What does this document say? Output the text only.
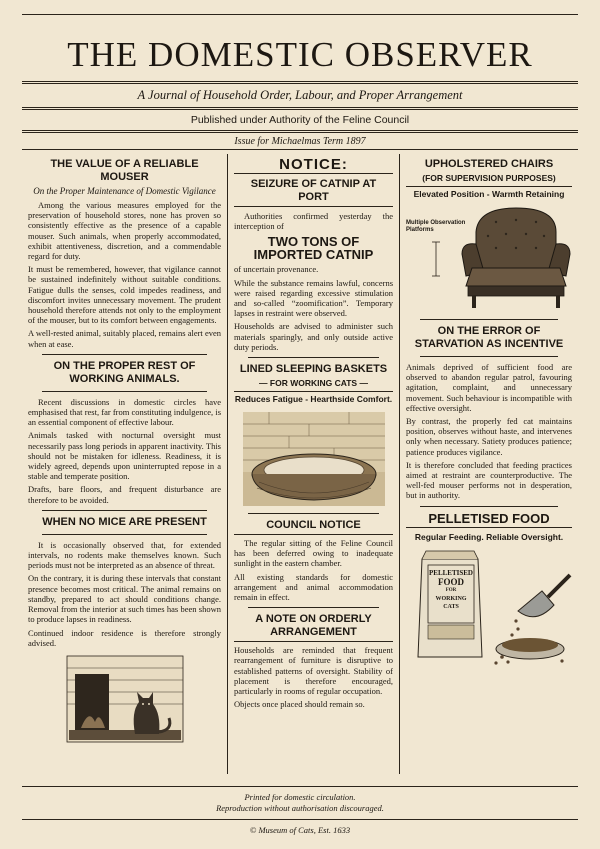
THE DOMESTIC OBSERVER
A Journal of Household Order, Labour, and Proper Arrangement
Published under Authority of the Feline Council
Issue for Michaelmas Term 1897
THE VALUE OF A RELIABLE MOUSER
On the Proper Maintenance of Domestic Vigilance

Among the various measures employed for the preservation of household stores, none has proven so consistently effective as the presence of a capable mouser. Such animals, when properly accommodated, exhibit attentiveness, discretion, and a commendable regard for duty.

It must be remembered, however, that vigilance cannot be sustained indefinitely without suitable conditions. Fatigue dulls the senses, cold impedes readiness, and discomfort invites unnecessary movement. The prudent household therefore attends not only to the employment of the mouser, but to its comfort between engagements.

A well-rested animal, suitably placed, remains alert even when at ease.

ON THE PROPER REST OF WORKING ANIMALS.

Recent discussions in domestic circles have emphasised that rest, far from constituting indulgence, is an essential component of effective labour.

Animals tasked with nocturnal oversight must necessarily pass long periods in apparent inactivity. This should not be mistaken for idleness. Readiness, it is widely agreed, depends upon uninterrupted repose in a stable and temperate position.

Drafts, bare floors, and frequent disturbance are therefore to be avoided.

WHEN NO MICE ARE PRESENT

It is occasionally observed that, for extended intervals, no rodents make themselves known. Such periods must not be interpreted as an absence of threat.

On the contrary, it is during these intervals that constant presence becomes most critical. The animal remains on standby, prepared to act should conditions change. Removal from the interior at such times has been shown to produce lapses in readiness.

Continued indoor residence is therefore strongly advised.

NOTICE:
SEIZURE OF CATNIP AT PORT

Authorities confirmed yesterday the interception of

TWO TONS OF
IMPORTED CATNIP

of uncertain provenance.

While the substance remains lawful, concerns were raised regarding excessive stimulation and so-called “zoomification”. Temporary lapses in restraint were observed.

Households are advised to administer such materials sparingly, and only outside active duty periods.

LINED SLEEPING BASKETS
— FOR WORKING CATS —
Reduces Fatigue - Hearthside Comfort.
COUNCIL NOTICE

The regular sitting of the Feline Council has been deferred owing to inadequate sunlight in the eastern chamber.

All existing standards for domestic arrangement and animal accommodation remain in effect.

A NOTE ON ORDERLY ARRANGEMENT

Households are reminded that frequent rearrangement of furniture is disruptive to established patterns of oversight. Stability of placement is therefore encouraged, particularly in rooms of regular occupation.

Objects once placed should remain so.

UPHOLSTERED CHAIRS
(FOR SUPERVISION PURPOSES)
Elevated Position - Warmth Retaining
Multiple Observation Platforms
ON THE ERROR OF STARVATION AS INCENTIVE

Animals deprived of sufficient food are observed to abandon regular patrol, favouring agitation, complaint, and unnecessary movement. Such behaviour is incompatible with effective oversight.

By contrast, the properly fed cat maintains position, observes without haste, and intervenes only when necessary. Satiety produces patience; patience produces vigilance.

It is therefore concluded that feeding practices aimed at restraint are counterproductive. The well-fed mouser performs not in desperation, but in authority.

PELLETISED FOOD
Regular Feeding. Reliable Oversight.
PELLETISED
FOOD
FOR
WORKING CATS
Printed for domestic circulation.
Reproduction without authorisation discouraged.
© Museum of Cats, Est. 1633
